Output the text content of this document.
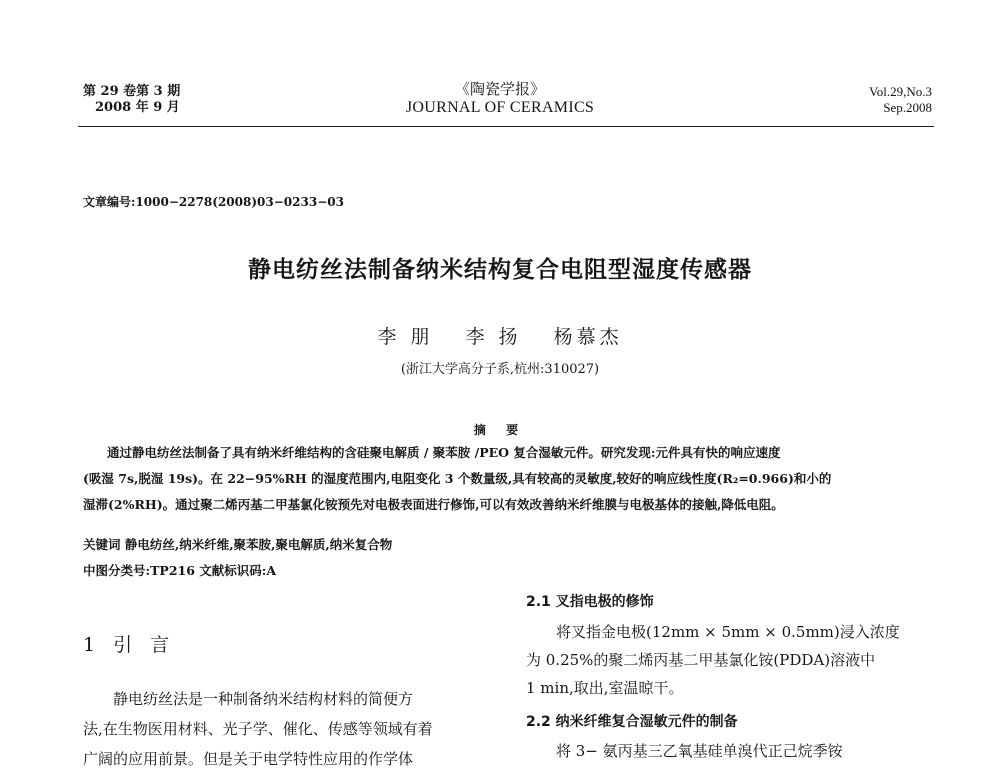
第 29 卷第 3 期
2008 年 9 月
《陶瓷学报》
JOURNAL OF CERAMICS
Vol.29,No.3
Sep.2008
文章编号:1000−2278(2008)03−0233−03
静电纺丝法制备纳米结构复合电阻型湿度传感器
李 朋 李 扬 杨慕杰
(浙江大学高分子系,杭州:310027)
摘 要
通过静电纺丝法制备了具有纳米纤维结构的含硅聚电解质 / 聚苯胺 /PEO 复合湿敏元件。研究发现:元件具有快的响应速度
(吸湿 7s,脱湿 19s)。在 22−95%RH 的湿度范围内,电阻变化 3 个数量级,具有较高的灵敏度,较好的响应线性度(R₂=0.966)和小的
湿滞(2%RH)。通过聚二烯丙基二甲基氯化铵预先对电极表面进行修饰,可以有效改善纳米纤维膜与电极基体的接触,降低电阻。
关键词 静电纺丝,纳米纤维,聚苯胺,聚电解质,纳米复合物
中图分类号:TP216 文献标识码:A
1 引 言
静电纺丝法是一种制备纳米结构材料的简便方
法,在生物医用材料、光子学、催化、传感等领域有着
广阔的应用前景。但是关于电学特性应用的作学体
2.1 叉指电极的修饰
将叉指金电极(12mm × 5mm × 0.5mm)浸入浓度
为 0.25%的聚二烯丙基二甲基氯化铵(PDDA)溶液中
1 min,取出,室温晾干。
2.2 纳米纤维复合湿敏元件的制备
将 3− 氨丙基三乙氧基硅单溴代正己烷季铵
